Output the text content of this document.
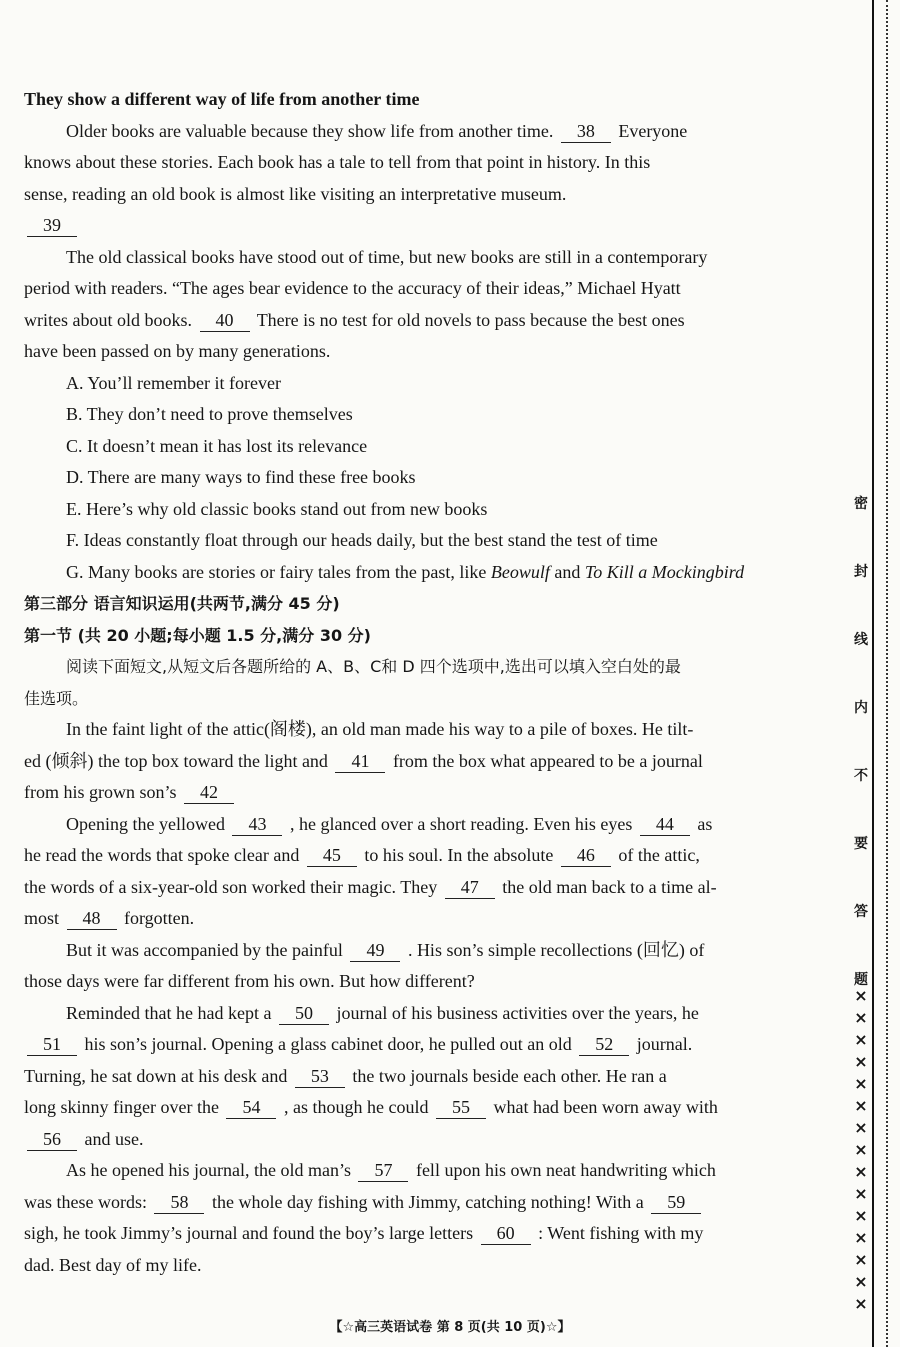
They show a different way of life from another time
Older books are valuable because they show life from another time. 38 Everyone
knows about these stories. Each book has a tale to tell from that point in history. In this
sense, reading an old book is almost like visiting an interpretative museum.
39
The old classical books have stood out of time, but new books are still in a contemporary
period with readers. “The ages bear evidence to the accuracy of their ideas,” Michael Hyatt
writes about old books. 40 There is no test for old novels to pass because the best ones
have been passed on by many generations.
A. You’ll remember it forever
B. They don’t need to prove themselves
C. It doesn’t mean it has lost its relevance
D. There are many ways to find these free books
E. Here’s why old classic books stand out from new books
F. Ideas constantly float through our heads daily, but the best stand the test of time
G. Many books are stories or fairy tales from the past, like Beowulf and To Kill a Mockingbird
第三部分 语言知识运用(共两节,满分 45 分)
第一节 (共 20 小题;每小题 1.5 分,满分 30 分)
阅读下面短文,从短文后各题所给的 A、B、C和 D 四个选项中,选出可以填入空白处的最
佳选项。
In the faint light of the attic(阁楼), an old man made his way to a pile of boxes. He tilt-
ed (倾斜) the top box toward the light and 41 from the box what appeared to be a journal
from his grown son’s 42
Opening the yellowed 43 , he glanced over a short reading. Even his eyes 44 as
he read the words that spoke clear and 45 to his soul. In the absolute 46 of the attic,
the words of a six-year-old son worked their magic. They 47 the old man back to a time al-
most 48 forgotten.
But it was accompanied by the painful 49 . His son’s simple recollections (回忆) of
those days were far different from his own. But how different?
Reminded that he had kept a 50 journal of his business activities over the years, he
51 his son’s journal. Opening a glass cabinet door, he pulled out an old 52 journal.
Turning, he sat down at his desk and 53 the two journals beside each other. He ran a
long skinny finger over the 54 , as though he could 55 what had been worn away with
56 and use.
As he opened his journal, the old man’s 57 fell upon his own neat handwriting which
was these words: 58 the whole day fishing with Jimmy, catching nothing! With a 59
sigh, he took Jimmy’s journal and found the boy’s large letters 60 : Went fishing with my
dad. Best day of my life.
【☆高三英语试卷 第 8 页(共 10 页)☆】
密
封
线
内
不
要
答
题
×××××××××××××××
